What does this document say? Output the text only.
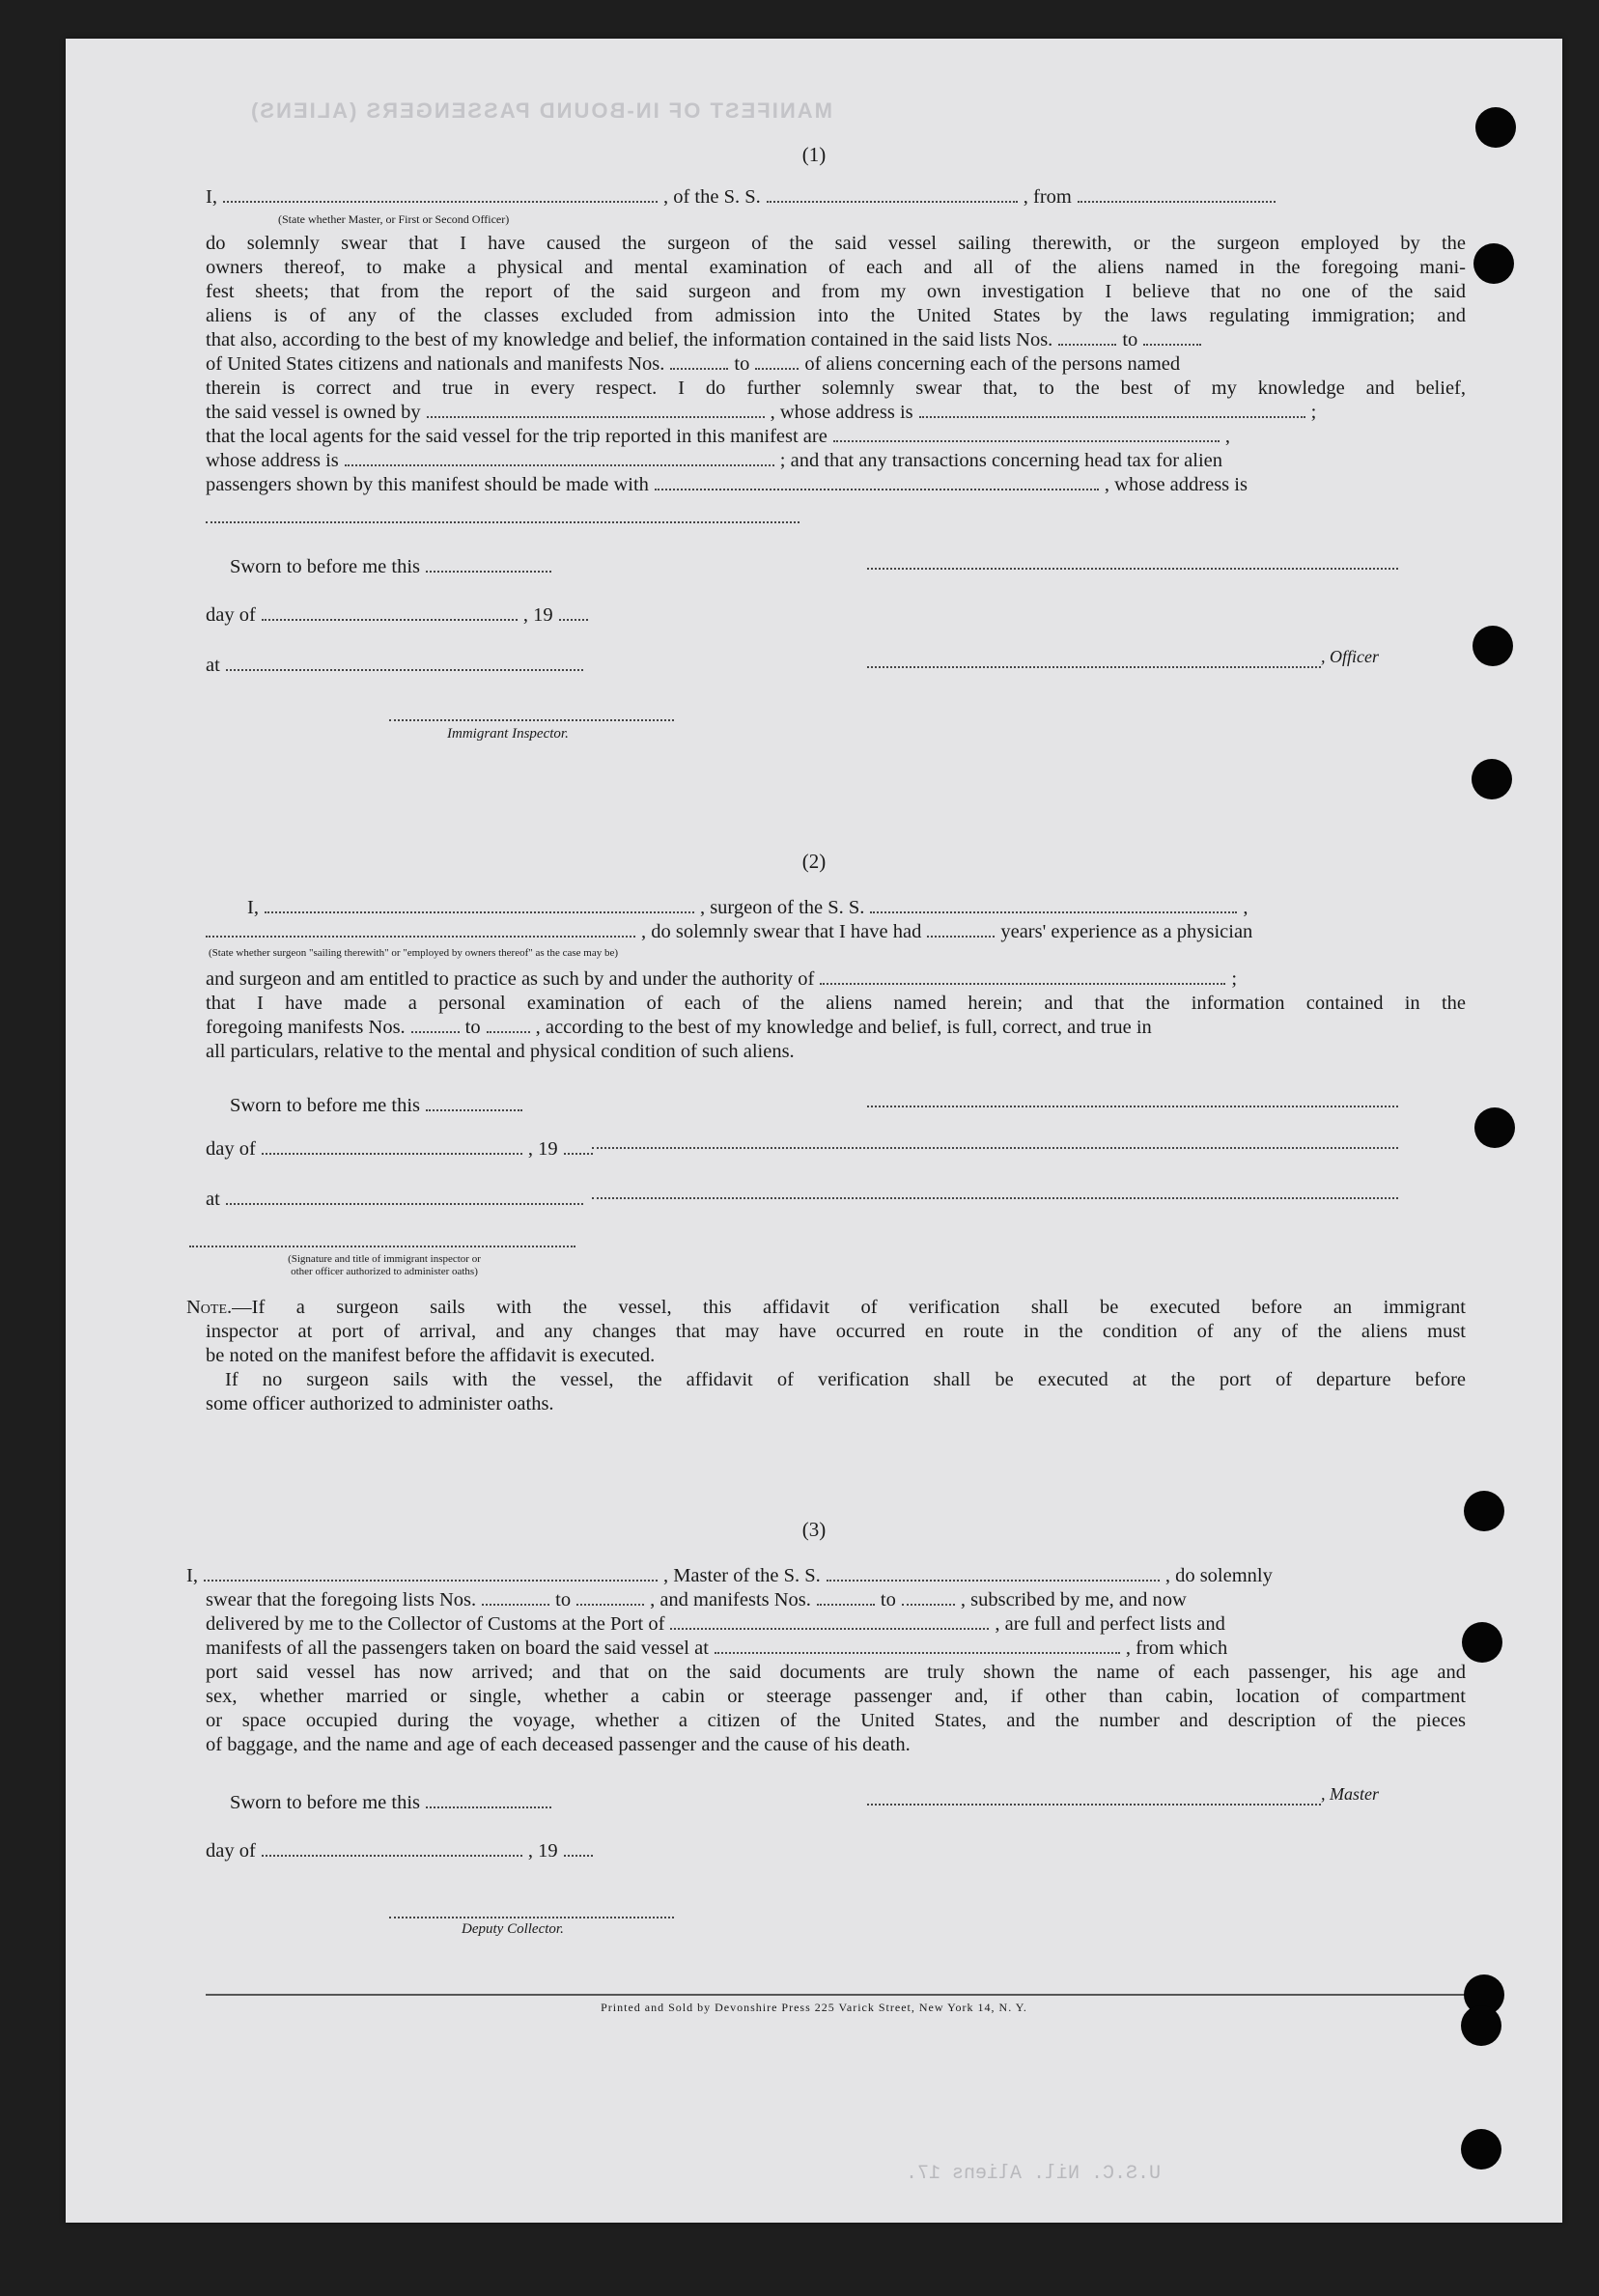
MANIFEST OF IN-BOUND PASSENGERS (ALIENS)
U.S.C. Nil. Aliens 17.
(1)
I,	, of the S. S.	, from
(State whether Master, or First or Second Officer)
do solemnly swear that I have caused the surgeon of the said vessel sailing therewith, or the surgeon employed by the
owners thereof, to make a physical and mental examination of each and all of the aliens named in the foregoing mani-
fest sheets; that from the report of the said surgeon and from my own investigation I believe that no one of the said
aliens is of any of the classes excluded from admission into the United States by the laws regulating immigration; and
that also, according to the best of my knowledge and belief, the information contained in the said lists Nos.	to
of United States citizens and nationals and manifests Nos.	to	of aliens concerning each of the persons named
therein is correct and true in every respect. I do further solemnly swear that, to the best of my knowledge and belief,
the said vessel is owned by	, whose address is	;
that the local agents for the said vessel for the trip reported in this manifest are	,
whose address is	; and that any transactions concerning head tax for alien
passengers shown by this manifest should be made with	, whose address is
Sworn to before me this
day of	, 19
at	, Officer
Immigrant Inspector.
(2)
I,	, surgeon of the S. S.	,
, do solemnly swear that I have had	years' experience as a physician
(State whether surgeon "sailing therewith" or "employed by owners thereof" as the case may be)
and surgeon and am entitled to practice as such by and under the authority of	;
that I have made a personal examination of each of the aliens named herein; and that the information contained in the
foregoing manifests Nos.	to	, according to the best of my knowledge and belief, is full, correct, and true in
all particulars, relative to the mental and physical condition of such aliens.
Sworn to before me this
day of	, 19
at
(Signature and title of immigrant inspector or
other officer authorized to administer oaths)
Note.—If a surgeon sails with the vessel, this affidavit of verification shall be executed before an immigrant
inspector at port of arrival, and any changes that may have occurred en route in the condition of any of the aliens must
be noted on the manifest before the affidavit is executed.
If no surgeon sails with the vessel, the affidavit of verification shall be executed at the port of departure before
some officer authorized to administer oaths.
(3)
I,	, Master of the S. S.	, do solemnly
swear that the foregoing lists Nos.	to	, and manifests Nos.	to	, subscribed by me, and now
delivered by me to the Collector of Customs at the Port of	, are full and perfect lists and
manifests of all the passengers taken on board the said vessel at	, from which
port said vessel has now arrived; and that on the said documents are truly shown the name of each passenger, his age and
sex, whether married or single, whether a cabin or steerage passenger and, if other than cabin, location of compartment
or space occupied during the voyage, whether a citizen of the United States, and the number and description of the pieces
of baggage, and the name and age of each deceased passenger and the cause of his death.
Sworn to before me this	, Master
day of	, 19
Deputy Collector.
Printed and Sold by Devonshire Press 225 Varick Street, New York 14, N. Y.
